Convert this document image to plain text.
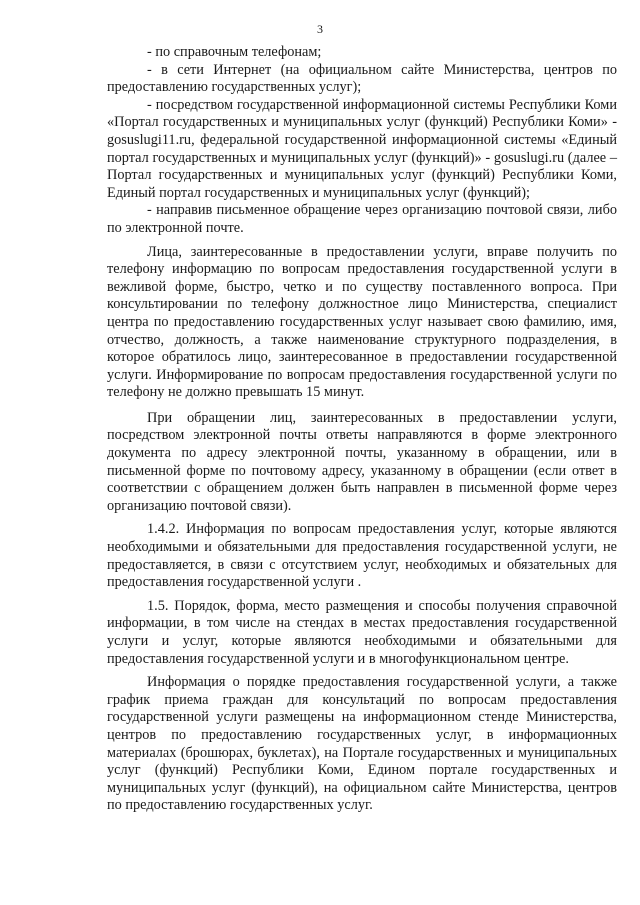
3

- по справочным телефонам;

- в сети Интернет (на официальном сайте Министерства, центров по предоставлению государственных услуг);

- посредством государственной информационной системы Республики Коми «Портал государственных и муниципальных услуг (функций) Республики Коми» - gosuslugi11.ru, федеральной государственной информационной системы «Единый портал государственных и муниципальных услуг (функций)» - gosuslugi.ru (далее – Портал государственных и муниципальных услуг (функций) Республики Коми, Единый портал государственных и муниципальных услуг (функций);

- направив письменное обращение через организацию почтовой связи, либо по электронной почте.

Лица, заинтересованные в предоставлении услуги, вправе получить по телефону информацию по вопросам предоставления государственной услуги в вежливой форме, быстро, четко и по существу поставленного вопроса. При консультировании по телефону должностное лицо Министерства, специалист центра по предоставлению государственных услуг называет свою фамилию, имя, отчество, должность, а также наименование структурного подразделения, в которое обратилось лицо, заинтересованное в предоставлении государственной услуги. Информирование по вопросам предоставления государственной услуги по телефону не должно превышать 15 минут.

При обращении лиц, заинтересованных в предоставлении услуги, посредством электронной почты ответы направляются в форме электронного документа по адресу электронной почты, указанному в обращении, или в письменной форме по почтовому адресу, указанному в обращении (если ответ в соответствии с обращением должен быть направлен в письменной форме через организацию почтовой связи).

1.4.2. Информация по вопросам предоставления услуг, которые являются необходимыми и обязательными для предоставления государственной услуги, не предоставляется, в связи с отсутствием услуг, необходимых и обязательных для предоставления государственной услуги .

1.5. Порядок, форма, место размещения и способы получения справочной информации, в том числе на стендах в местах предоставления государственной услуги и услуг, которые являются необходимыми и обязательными для предоставления государственной услуги и в многофункциональном центре.

Информация о порядке предоставления государственной услуги, а также график приема граждан для консультаций по вопросам предоставления государственной услуги размещены на информационном стенде Министерства, центров по предоставлению государственных услуг, в информационных материалах (брошюрах, буклетах), на Портале государственных и муниципальных услуг (функций) Республики Коми, Едином портале государственных и муниципальных услуг (функций), на официальном сайте Министерства, центров по предоставлению государственных услуг.
